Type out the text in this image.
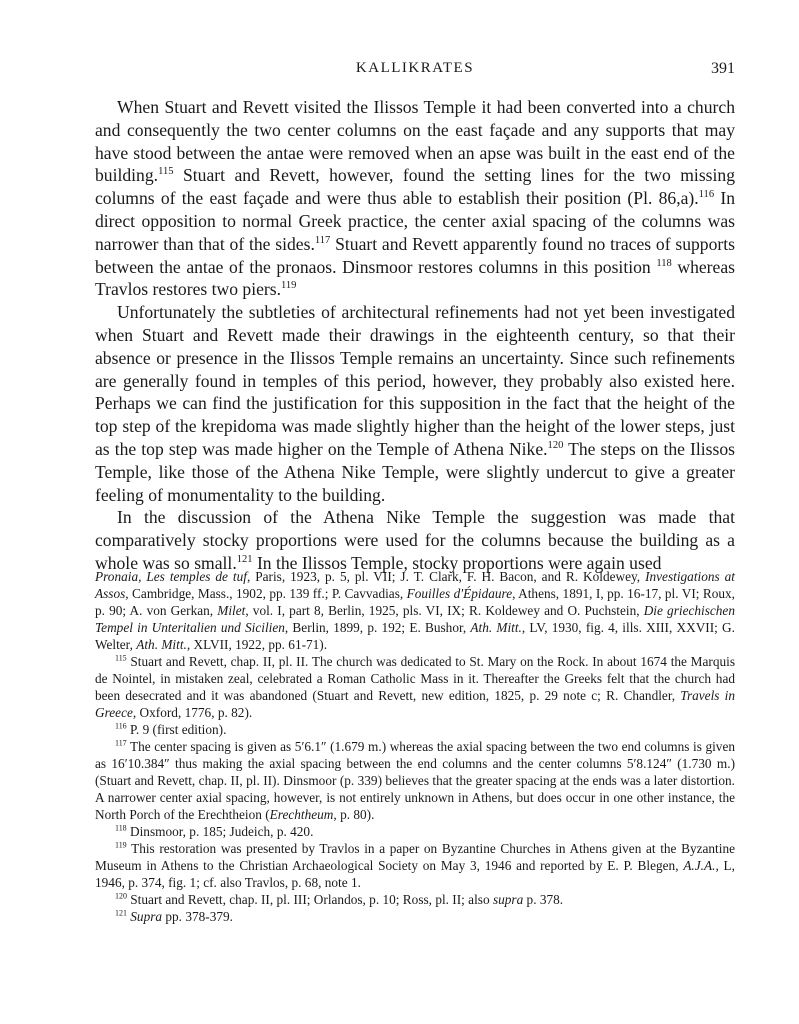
KALLIKRATES	391

When Stuart and Revett visited the Ilissos Temple it had been converted into a church and consequently the two center columns on the east façade and any supports that may have stood between the antae were removed when an apse was built in the east end of the building.$^{115}$ Stuart and Revett, however, found the setting lines for the two missing columns of the east façade and were thus able to establish their position (Pl. 86,a).$^{116}$ In direct opposition to normal Greek practice, the center axial spacing of the columns was narrower than that of the sides.$^{117}$ Stuart and Revett apparently found no traces of supports between the antae of the pronaos. Dinsmoor restores columns in this position $^{118}$ whereas Travlos restores two piers.$^{119}$

Unfortunately the subtleties of architectural refinements had not yet been investigated when Stuart and Revett made their drawings in the eighteenth century, so that their absence or presence in the Ilissos Temple remains an uncertainty. Since such refinements are generally found in temples of this period, however, they probably also existed here. Perhaps we can find the justification for this supposition in the fact that the height of the top step of the krepidoma was made slightly higher than the height of the lower steps, just as the top step was made higher on the Temple of Athena Nike.$^{120}$ The steps on the Ilissos Temple, like those of the Athena Nike Temple, were slightly undercut to give a greater feeling of monumentality to the building.

In the discussion of the Athena Nike Temple the suggestion was made that comparatively stocky proportions were used for the columns because the building as a whole was so small.$^{121}$ In the Ilissos Temple, stocky proportions were again used

Pronaia, Les temples de tuf, Paris, 1923, p. 5, pl. VII; J. T. Clark, F. H. Bacon, and R. Koldewey, Investigations at Assos, Cambridge, Mass., 1902, pp. 139 ff.; P. Cavvadias, Fouilles d'Épidaure, Athens, 1891, I, pp. 16-17, pl. VI; Roux, p. 90; A. von Gerkan, Milet, vol. I, part 8, Berlin, 1925, pls. VI, IX; R. Koldewey and O. Puchstein, Die griechischen Tempel in Unteritalien und Sicilien, Berlin, 1899, p. 192; E. Bushor, Ath. Mitt., LV, 1930, fig. 4, ills. XIII, XXVII; G. Welter, Ath. Mitt., XLVII, 1922, pp. 61-71).

$^{115}$ Stuart and Revett, chap. II, pl. II. The church was dedicated to St. Mary on the Rock. In about 1674 the Marquis de Nointel, in mistaken zeal, celebrated a Roman Catholic Mass in it. Thereafter the Greeks felt that the church had been desecrated and it was abandoned (Stuart and Revett, new edition, 1825, p. 29 note c; R. Chandler, Travels in Greece, Oxford, 1776, p. 82).

$^{116}$ P. 9 (first edition).

$^{117}$ The center spacing is given as 5′6.1″ (1.679 m.) whereas the axial spacing between the two end columns is given as 16′10.384″ thus making the axial spacing between the end columns and the center columns 5′8.124″ (1.730 m.) (Stuart and Revett, chap. II, pl. II). Dinsmoor (p. 339) believes that the greater spacing at the ends was a later distortion. A narrower center axial spacing, however, is not entirely unknown in Athens, but does occur in one other instance, the North Porch of the Erechtheion (Erechtheum, p. 80).

$^{118}$ Dinsmoor, p. 185; Judeich, p. 420.

$^{119}$ This restoration was presented by Travlos in a paper on Byzantine Churches in Athens given at the Byzantine Museum in Athens to the Christian Archaeological Society on May 3, 1946 and reported by E. P. Blegen, A.J.A., L, 1946, p. 374, fig. 1; cf. also Travlos, p. 68, note 1.

$^{120}$ Stuart and Revett, chap. II, pl. III; Orlandos, p. 10; Ross, pl. II; also supra p. 378.

$^{121}$ Supra pp. 378-379.
